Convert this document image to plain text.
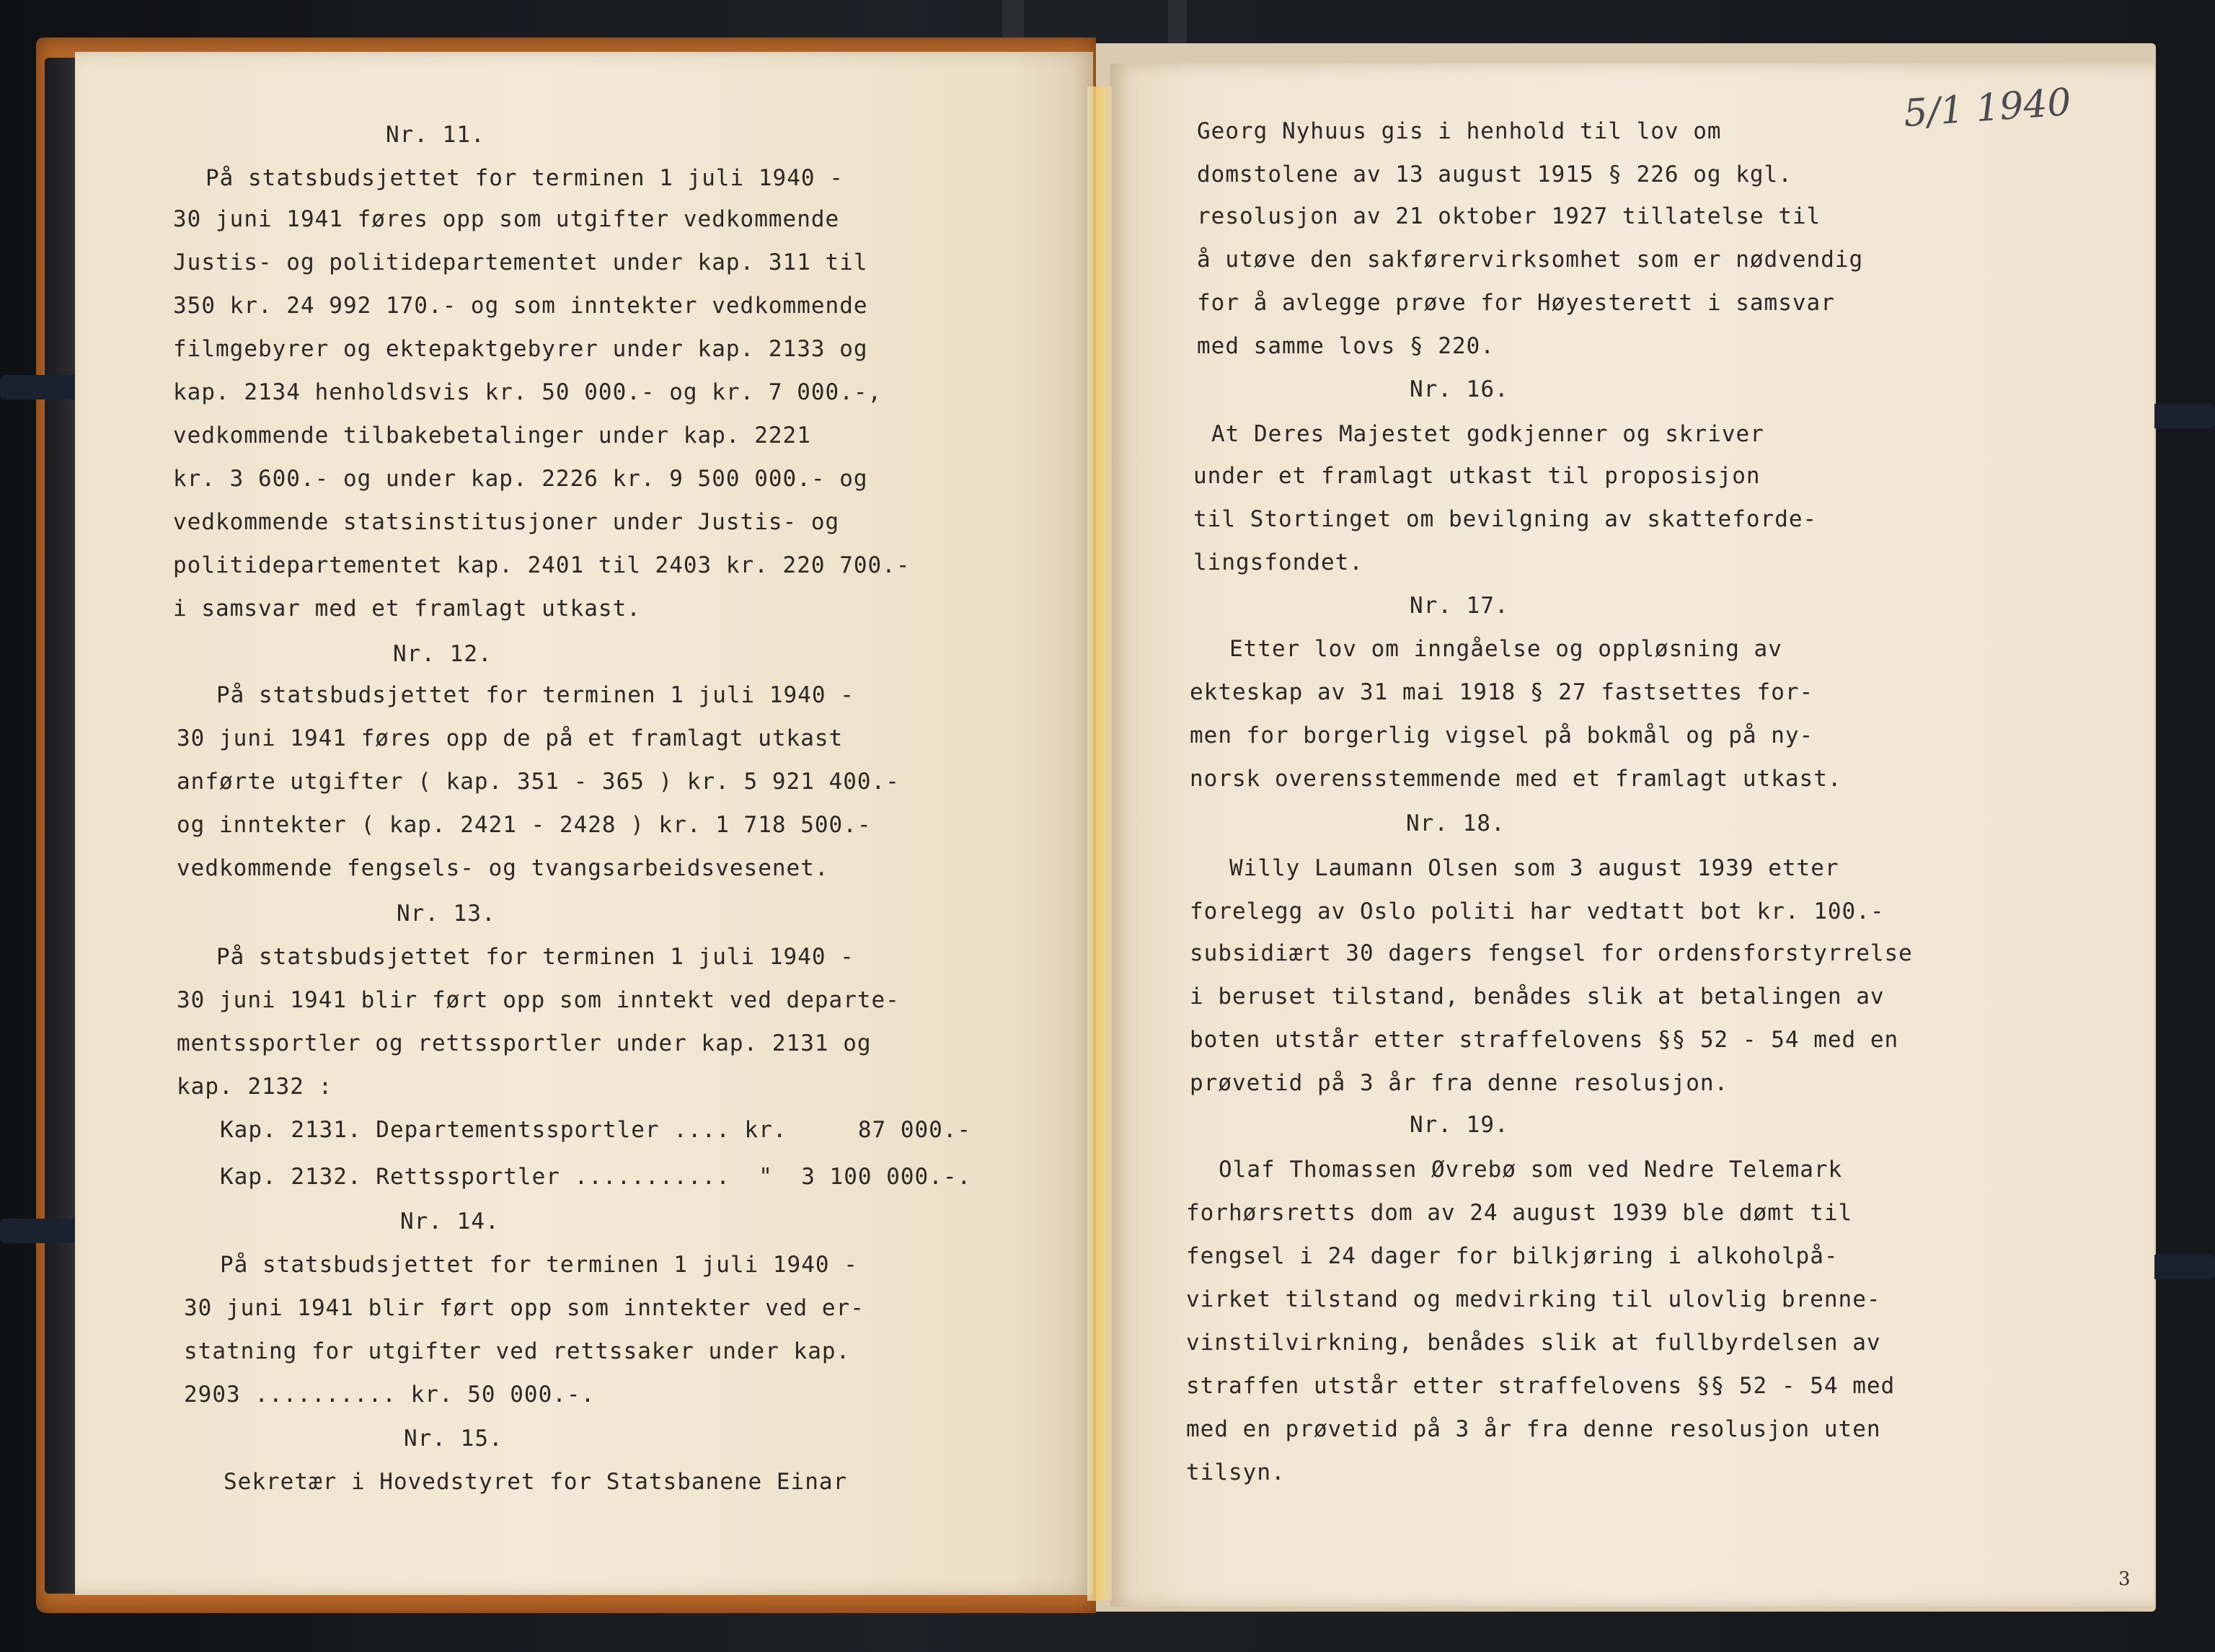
Nr. 11.
På statsbudsjettet for terminen 1 juli 1940 -
30 juni 1941 føres opp som utgifter vedkommende
Justis- og politidepartementet under kap. 311 til
350 kr. 24 992 170.- og som inntekter vedkommende
filmgebyrer og ektepaktgebyrer under kap. 2133 og
kap. 2134 henholdsvis kr. 50 000.- og kr. 7 000.-,
vedkommende tilbakebetalinger under kap. 2221
kr. 3 600.- og under kap. 2226 kr. 9 500 000.- og
vedkommende statsinstitusjoner under Justis- og
politidepartementet kap. 2401 til 2403 kr. 220 700.-
i samsvar med et framlagt utkast.
Nr. 12.
På statsbudsjettet for terminen 1 juli 1940 -
30 juni 1941 føres opp de på et framlagt utkast
anførte utgifter ( kap. 351 - 365 ) kr. 5 921 400.-
og inntekter ( kap. 2421 - 2428 ) kr. 1 718 500.-
vedkommende fengsels- og tvangsarbeidsvesenet.
Nr. 13.
På statsbudsjettet for terminen 1 juli 1940 -
30 juni 1941 blir ført opp som inntekt ved departe-
mentssportler og rettssportler under kap. 2131 og
kap. 2132 :
Kap. 2131. Departementssportler .... kr.     87 000.-
Kap. 2132. Rettssportler ...........  "  3 100 000.-.
Nr. 14.
På statsbudsjettet for terminen 1 juli 1940 -
30 juni 1941 blir ført opp som inntekter ved er-
statning for utgifter ved rettssaker under kap.
2903 .......... kr. 50 000.-.
Nr. 15.
Sekretær i Hovedstyret for Statsbanene Einar
Georg Nyhuus gis i henhold til lov om
domstolene av 13 august 1915 § 226 og kgl.
resolusjon av 21 oktober 1927 tillatelse til
å utøve den sakførervirksomhet som er nødvendig
for å avlegge prøve for Høyesterett i samsvar
med samme lovs § 220.
Nr. 16.
At Deres Majestet godkjenner og skriver
under et framlagt utkast til proposisjon
til Stortinget om bevilgning av skatteforde-
lingsfondet.
Nr. 17.
Etter lov om inngåelse og oppløsning av
ekteskap av 31 mai 1918 § 27 fastsettes for-
men for borgerlig vigsel på bokmål og på ny-
norsk overensstemmende med et framlagt utkast.
Nr. 18.
Willy Laumann Olsen som 3 august 1939 etter
forelegg av Oslo politi har vedtatt bot kr. 100.-
subsidiært 30 dagers fengsel for ordensforstyrrelse
i beruset tilstand, benådes slik at betalingen av
boten utstår etter straffelovens §§ 52 - 54 med en
prøvetid på 3 år fra denne resolusjon.
Nr. 19.
Olaf Thomassen Øvrebø som ved Nedre Telemark
forhørsretts dom av 24 august 1939 ble dømt til
fengsel i 24 dager for bilkjøring i alkoholpå-
virket tilstand og medvirking til ulovlig brenne-
vinstilvirkning, benådes slik at fullbyrdelsen av
straffen utstår etter straffelovens §§ 52 - 54 med
med en prøvetid på 3 år fra denne resolusjon uten
tilsyn.
5/1 1940
3
